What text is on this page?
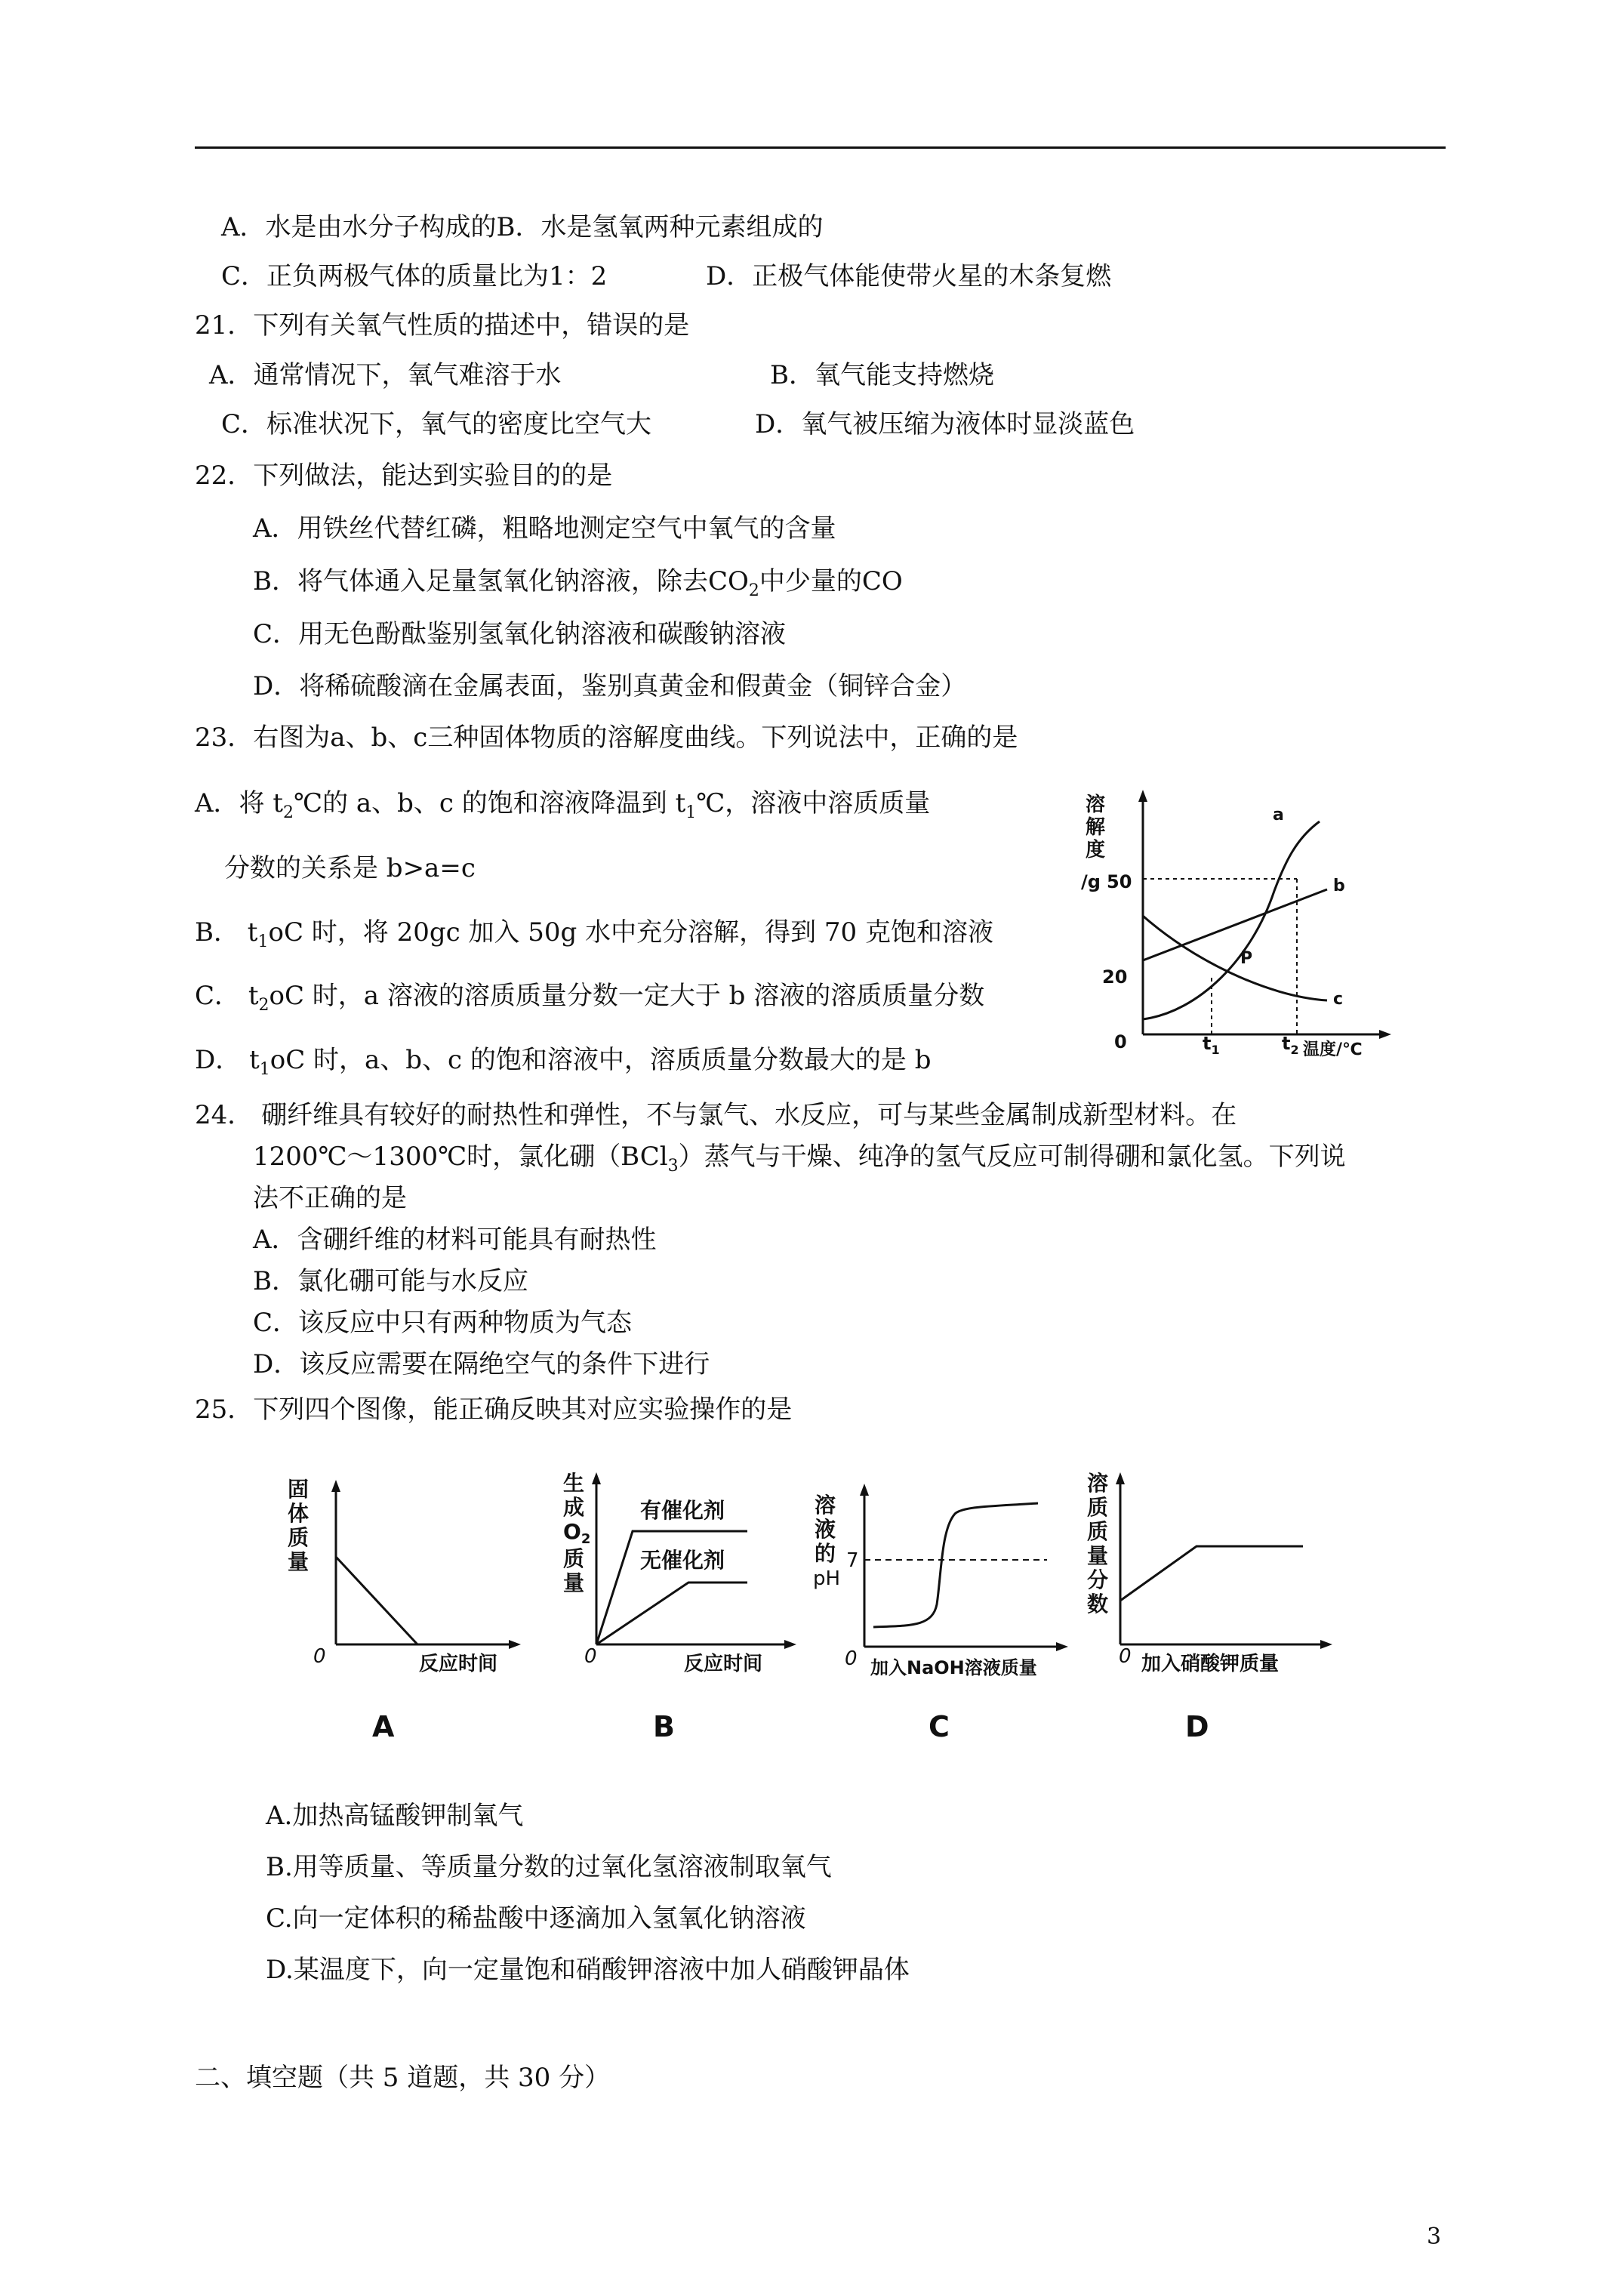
A．水是由水分子构成的B．水是氢氧两种元素组成的
C．正负两极气体的质量比为1：2	D．正极气体能使带火星的木条复燃
21．下列有关氧气性质的描述中，错误的是
A．通常情况下，氧气难溶于水	B．氧气能支持燃烧
C．标准状况下，氧气的密度比空气大	D．氧气被压缩为液体时显淡蓝色
22．下列做法，能达到实验目的的是
A．用铁丝代替红磷，粗略地测定空气中氧气的含量
B．将气体通入足量氢氧化钠溶液，除去$CO_2$中少量的CO
C．用无色酚酞鉴别氢氧化钠溶液和碳酸钠溶液
D．将稀硫酸滴在金属表面，鉴别真黄金和假黄金（铜锌合金）
23．右图为a、b、c三种固体物质的溶解度曲线。下列说法中，正确的是
A．将 $t_2℃$的 a、b、c 的饱和溶液降温到 $t_1℃$，溶液中溶质质量
分数的关系是 b>a=c
B． $t_1oC$ 时，将 20gc 加入 50g 水中充分溶解，得到 70 克饱和溶液
C． $t_2oC$ 时，a 溶液的溶质质量分数一定大于 b 溶液的溶质质量分数
D． $t_1oC$ 时，a、b、c 的饱和溶液中，溶质质量分数最大的是 b
溶
解
度
/g 50
20
0	$t_1$	$t_2$ 温度/℃
a
b
c
P
24． 硼纤维具有较好的耐热性和弹性，不与氯气、水反应，可与某些金属制成新型材料。在
1200℃～1300℃时，氯化硼（BCl$_3$）蒸气与干燥、纯净的氢气反应可制得硼和氯化氢。下列说
法不正确的是
A．含硼纤维的材料可能具有耐热性
B．氯化硼可能与水反应
C．该反应中只有两种物质为气态
D．该反应需要在隔绝空气的条件下进行
25．下列四个图像，能正确反映其对应实验操作的是
固
体
质
量
0	反应时间
A
生
成
$O_2$
质
量
有催化剂
无催化剂
0	反应时间
B
溶
液
的
pH
7
0 加入NaOH溶液质量
C
溶
质
质
量
分
数
0 加入硝酸钾质量
D
A.加热高锰酸钾制氧气
B.用等质量、等质量分数的过氧化氢溶液制取氧气
C.向一定体积的稀盐酸中逐滴加入氢氧化钠溶液
D.某温度下，向一定量饱和硝酸钾溶液中加人硝酸钾晶体
二、填空题（共 5 道题，共 30 分）
3
